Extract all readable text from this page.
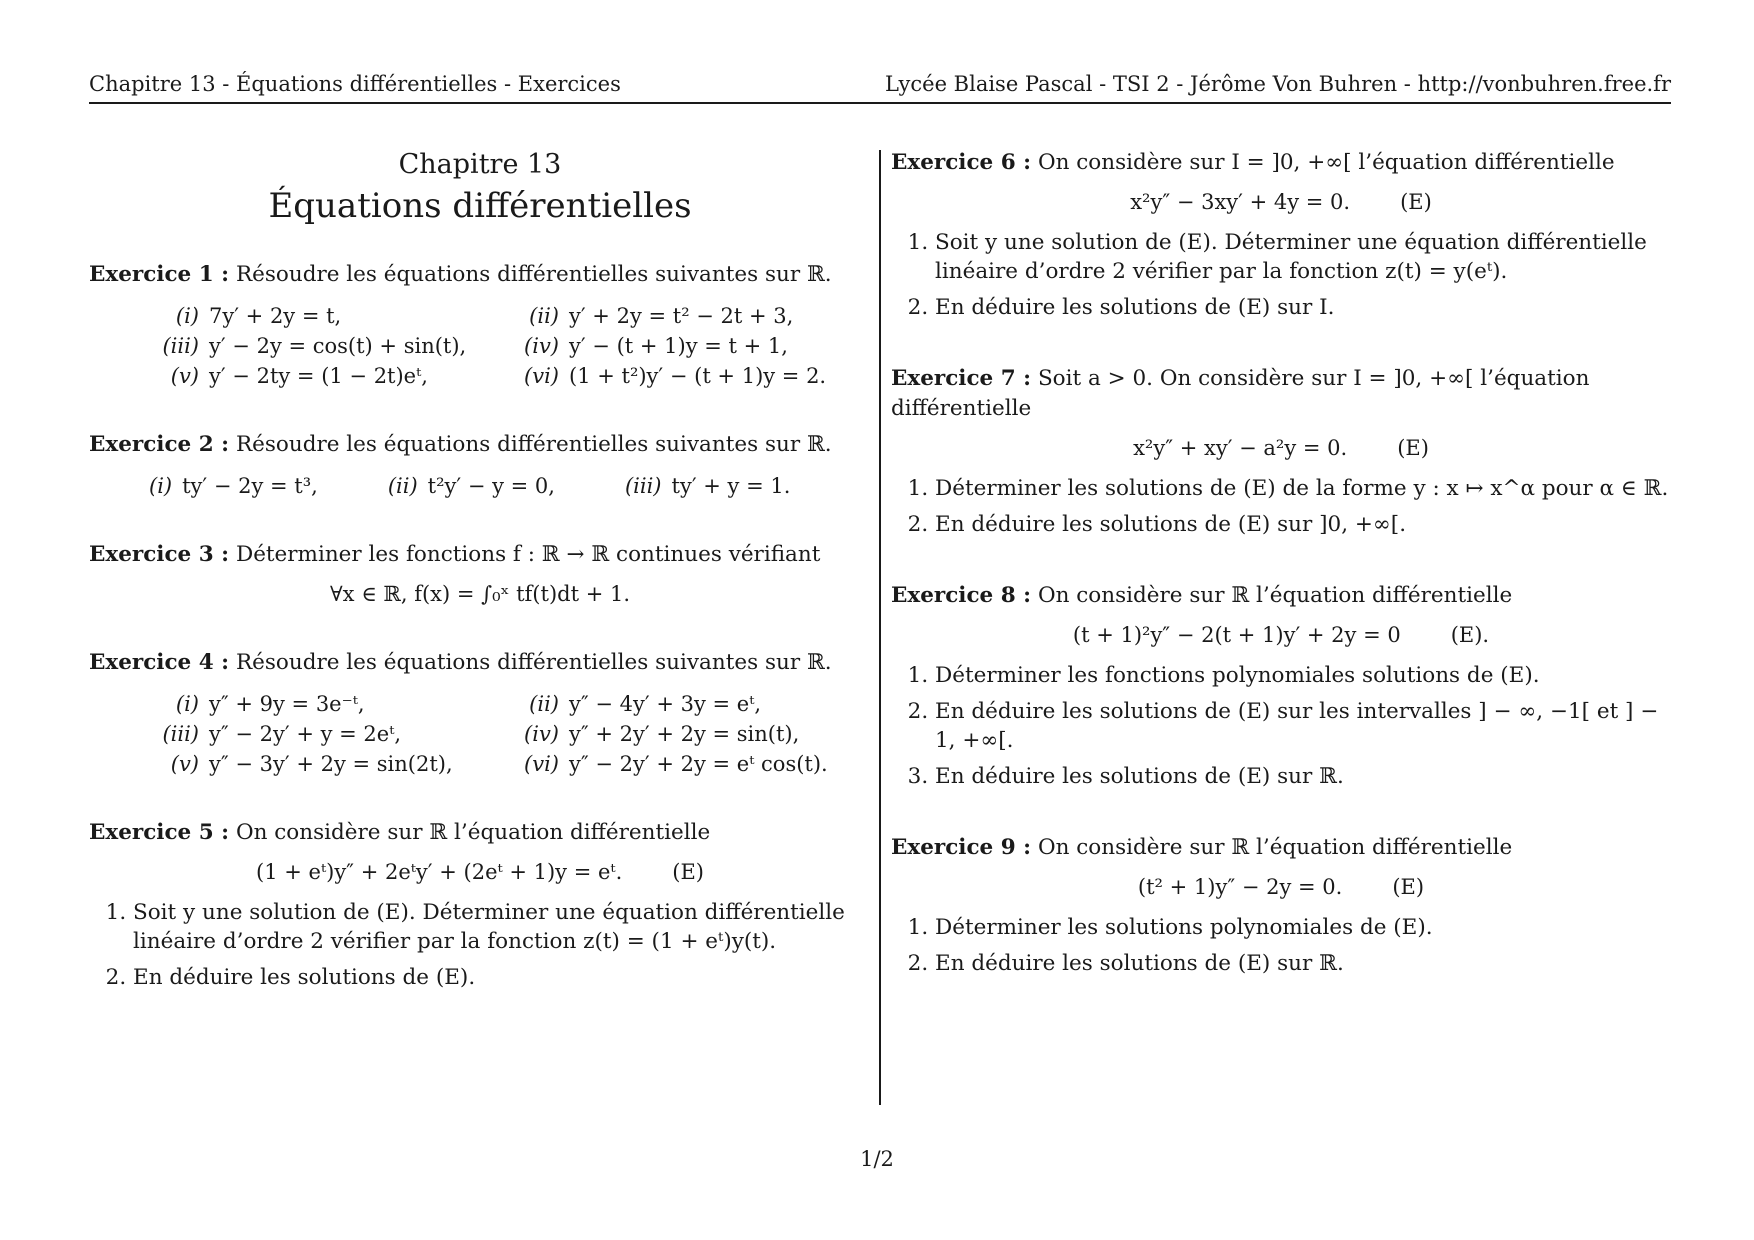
Chapitre 13 - Équations différentielles - Exercices	Lycée Blaise Pascal - TSI 2 - Jérôme Von Buhren - http://vonbuhren.free.fr
Chapitre 13
Équations différentielles
Exercice 1 : Résoudre les équations différentielles suivantes sur ℝ.
(i) 7y′ + 2y = t,	(ii) y′ + 2y = t² − 2t + 3,
(iii) y′ − 2y = cos(t) + sin(t),	(iv) y′ − (t + 1)y = t + 1,
(v) y′ − 2ty = (1 − 2t)eᵗ,	(vi) (1 + t²)y′ − (t + 1)y = 2.
Exercice 2 : Résoudre les équations différentielles suivantes sur ℝ.
(i) ty′ − 2y = t³,	(ii) t²y′ − y = 0,	(iii) ty′ + y = 1.
Exercice 3 : Déterminer les fonctions f : ℝ → ℝ continues vérifiant
∀x ∈ ℝ, f(x) = ∫₀ˣ tf(t)dt + 1.
Exercice 4 : Résoudre les équations différentielles suivantes sur ℝ.
(i) y″ + 9y = 3e⁻ᵗ,	(ii) y″ − 4y′ + 3y = eᵗ,
(iii) y″ − 2y′ + y = 2eᵗ,	(iv) y″ + 2y′ + 2y = sin(t),
(v) y″ − 3y′ + 2y = sin(2t),	(vi) y″ − 2y′ + 2y = eᵗ cos(t).
Exercice 5 : On considère sur ℝ l’équation différentielle
(1 + eᵗ)y″ + 2eᵗy′ + (2eᵗ + 1)y = eᵗ. (E)
1. Soit y une solution de (E). Déterminer une équation différentielle linéaire d’ordre 2 vérifier par la fonction z(t) = (1 + eᵗ)y(t).
2. En déduire les solutions de (E).
Exercice 6 : On considère sur I = ]0, +∞[ l’équation différentielle
x²y″ − 3xy′ + 4y = 0. (E)
1. Soit y une solution de (E). Déterminer une équation différentielle linéaire d’ordre 2 vérifier par la fonction z(t) = y(eᵗ).
2. En déduire les solutions de (E) sur I.
Exercice 7 : Soit a > 0. On considère sur I = ]0, +∞[ l’équation différentielle
x²y″ + xy′ − a²y = 0. (E)
1. Déterminer les solutions de (E) de la forme y : x ↦ x^α pour α ∈ ℝ.
2. En déduire les solutions de (E) sur ]0, +∞[.
Exercice 8 : On considère sur ℝ l’équation différentielle
(t + 1)²y″ − 2(t + 1)y′ + 2y = 0 (E).
1. Déterminer les fonctions polynomiales solutions de (E).
2. En déduire les solutions de (E) sur les intervalles ] − ∞, −1[ et ] − 1, +∞[.
3. En déduire les solutions de (E) sur ℝ.
Exercice 9 : On considère sur ℝ l’équation différentielle
(t² + 1)y″ − 2y = 0. (E)
1. Déterminer les solutions polynomiales de (E).
2. En déduire les solutions de (E) sur ℝ.
1/2
